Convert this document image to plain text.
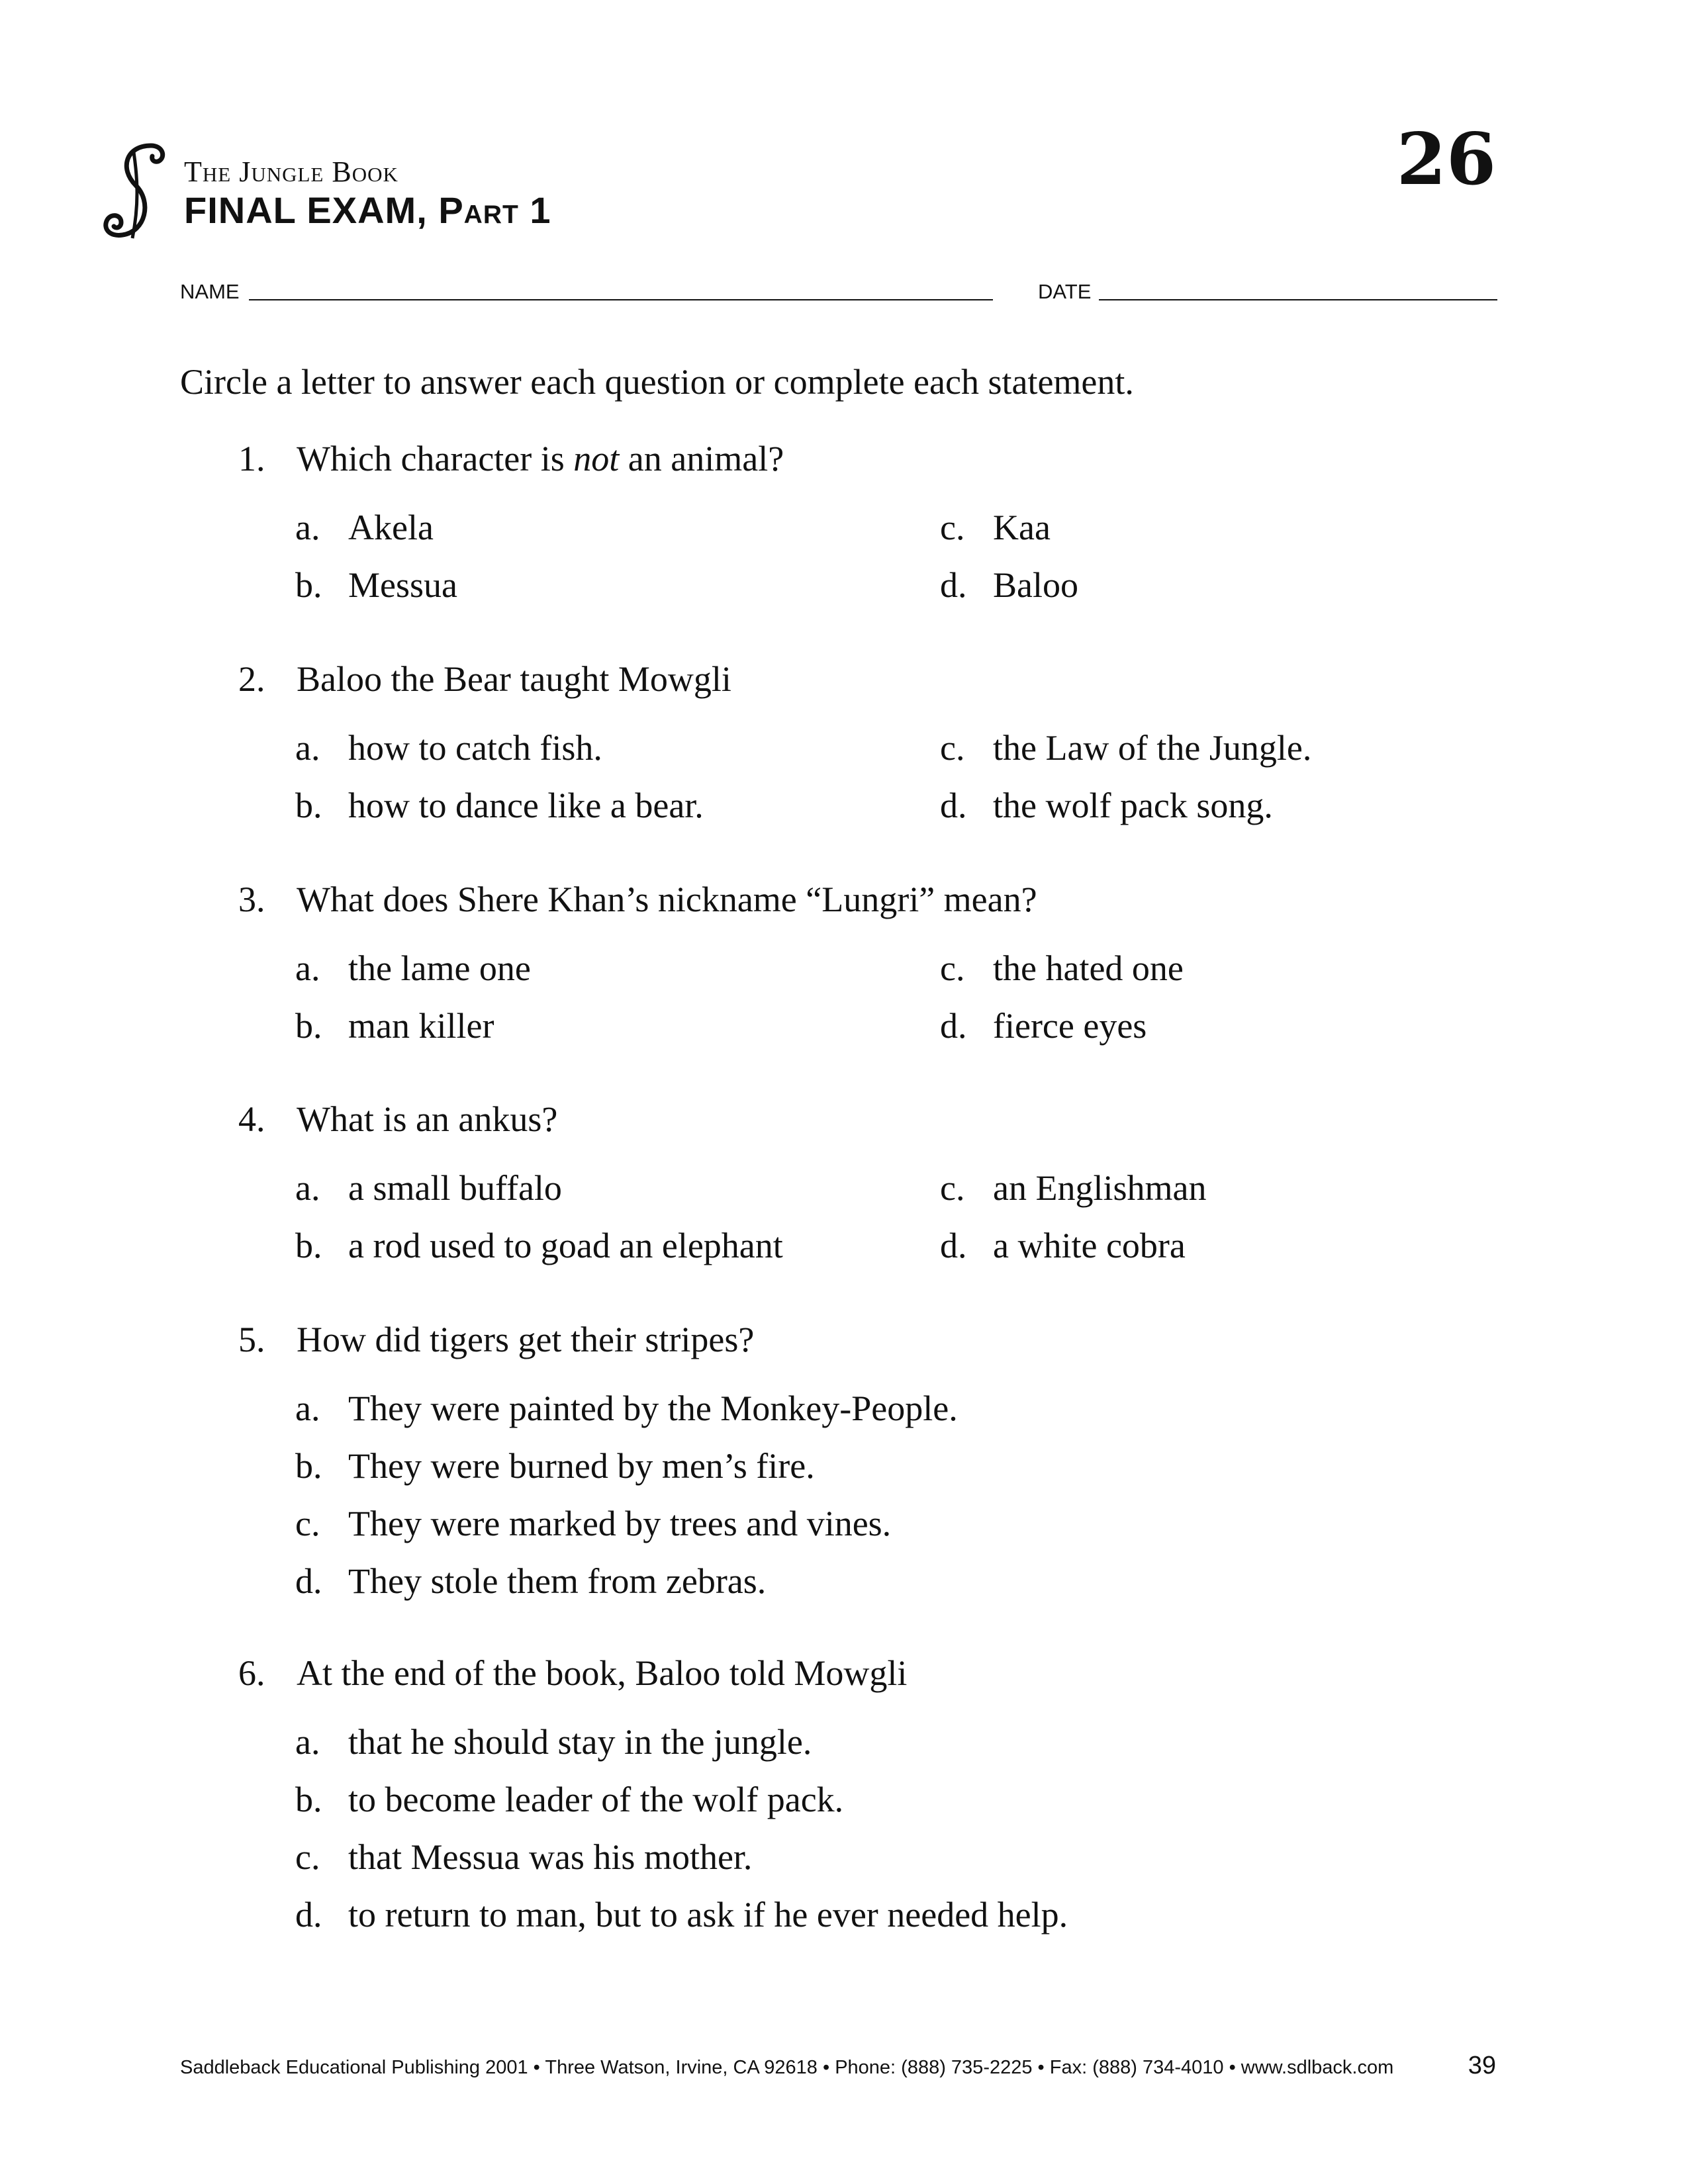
The Jungle Book
FINAL EXAM, Part 1
26
NAME	DATE
Circle a letter to answer each question or complete each statement.
1. Which character is not an animal?
a. Akela
b. Messua
c. Kaa
d. Baloo
2. Baloo the Bear taught Mowgli
a. how to catch fish.
b. how to dance like a bear.
c. the Law of the Jungle.
d. the wolf pack song.
3. What does Shere Khan’s nickname “Lungri” mean?
a. the lame one
b. man killer
c. the hated one
d. fierce eyes
4. What is an ankus?
a. a small buffalo
b. a rod used to goad an elephant
c. an Englishman
d. a white cobra
5. How did tigers get their stripes?
a. They were painted by the Monkey-People.
b. They were burned by men’s fire.
c. They were marked by trees and vines.
d. They stole them from zebras.
6. At the end of the book, Baloo told Mowgli
a. that he should stay in the jungle.
b. to become leader of the wolf pack.
c. that Messua was his mother.
d. to return to man, but to ask if he ever needed help.
Saddleback Educational Publishing 2001 • Three Watson, Irvine, CA 92618 • Phone: (888) 735-2225 • Fax: (888) 734-4010 • www.sdlback.com	39
